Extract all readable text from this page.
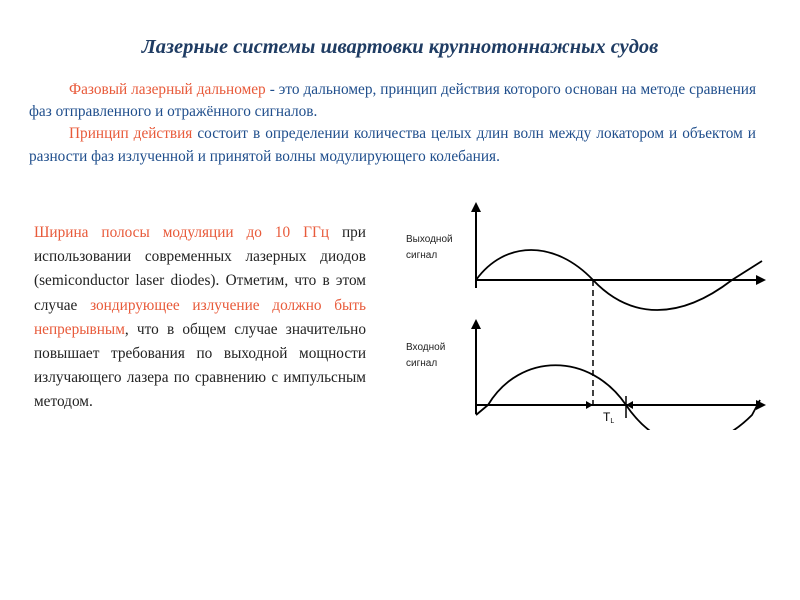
Лазерные системы швартовки крупнотоннажных судов

Фазовый лазерный дальномер - это дальномер, принцип действия которого основан на методе сравнения фаз отправленного и отражённого сигналов.

Принцип действия состоит в определении количества целых длин волн между локатором и объектом и разности фаз излученной и принятой волны модулирующего колебания.

Ширина полосы модуляции до 10 ГГц при использовании современных лазерных диодов (semiconductor laser diodes). Отметим, что в этом случае зондирующее излучение должно быть непрерывным, что в общем случае значительно повышает требования по выходной мощности излучающего лазера по сравнению с импульсным методом.
Выходной
сигнал
Входной
сигнал
TL
